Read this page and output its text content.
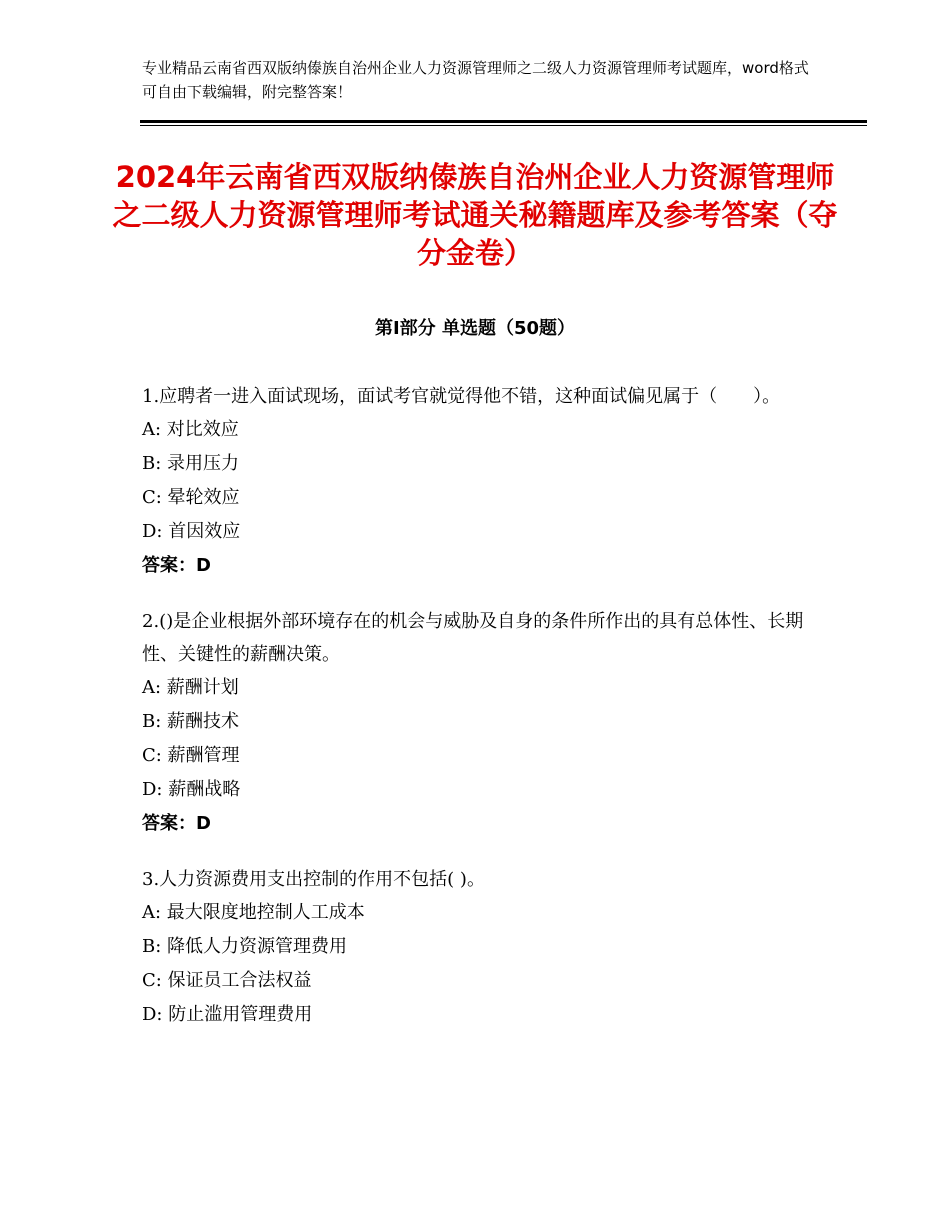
专业精品云南省西双版纳傣族自治州企业人力资源管理师之二级人力资源管理师考试题库，word格式可自由下载编辑，附完整答案！
2024年云南省西双版纳傣族自治州企业人力资源管理师之二级人力资源管理师考试通关秘籍题库及参考答案（夺分金卷）
第Ⅰ部分 单选题（50题）
1.应聘者一进入面试现场，面试考官就觉得他不错，这种面试偏见属于（　　）。
A: 对比效应
B: 录用压力
C: 晕轮效应
D: 首因效应
答案：D
2.()是企业根据外部环境存在的机会与威胁及自身的条件所作出的具有总体性、长期性、关键性的薪酬决策。
A: 薪酬计划
B: 薪酬技术
C: 薪酬管理
D: 薪酬战略
答案：D
3.人力资源费用支出控制的作用不包括( )。
A: 最大限度地控制人工成本
B: 降低人力资源管理费用
C: 保证员工合法权益
D: 防止滥用管理费用
